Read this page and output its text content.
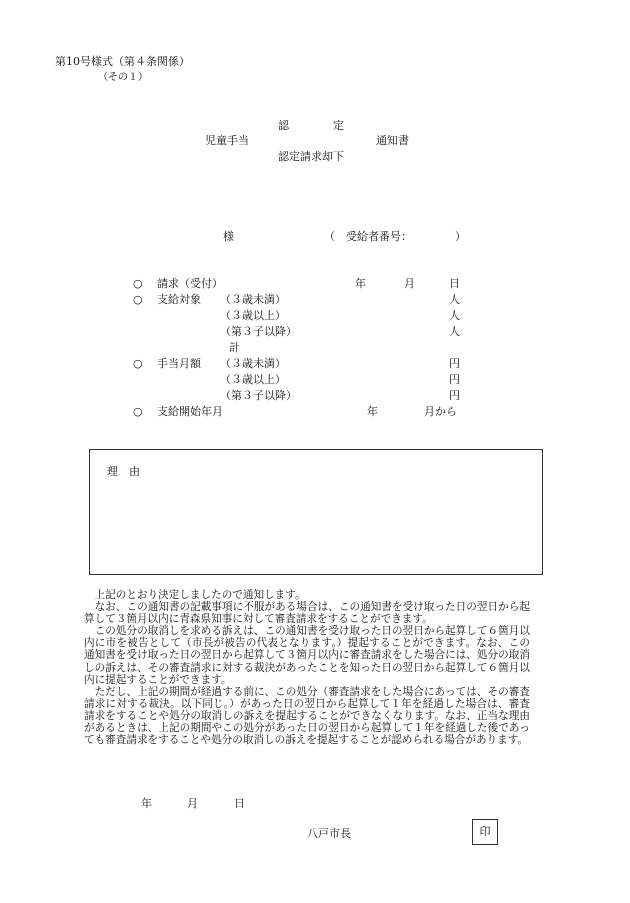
第10号様式（第４条関係）
（その１）
認　　　　定
児童手当	通知書
認定請求却下
様	（　受給者番号：	）
○ 請求（受付）	年	月	日
○ 支給対象 （３歳未満）	人
（３歳以上）	人
（第３子以降）	人
計
○ 手当月額 （３歳未満）	円
（３歳以上）	円
（第３子以降）	円
○ 支給開始年月	年	月から
理　由

上記のとおり決定しましたので通知します。

なお、この通知書の記載事項に不服がある場合は、この通知書を受け取った日の翌日から起算して３箇月以内に青森県知事に対して審査請求をすることができます。

この処分の取消しを求める訴えは、この通知書を受け取った日の翌日から起算して６箇月以内に市を被告として（市長が被告の代表となります。）提起することができます。なお、この通知書を受け取った日の翌日から起算して３箇月以内に審査請求をした場合には、処分の取消しの訴えは、その審査請求に対する裁決があったことを知った日の翌日から起算して６箇月以内に提起することができます。

ただし、上記の期間が経過する前に、この処分（審査請求をした場合にあっては、その審査請求に対する裁決。以下同じ。）があった日の翌日から起算して１年を経過した場合は、審査請求をすることや処分の取消しの訴えを提起することができなくなります。なお、正当な理由があるときは、上記の期間やこの処分があった日の翌日から起算して１年を経過した後であっても審査請求をすることや処分の取消しの訴えを提起することが認められる場合があります。

年	月	日
八戸市長	印
